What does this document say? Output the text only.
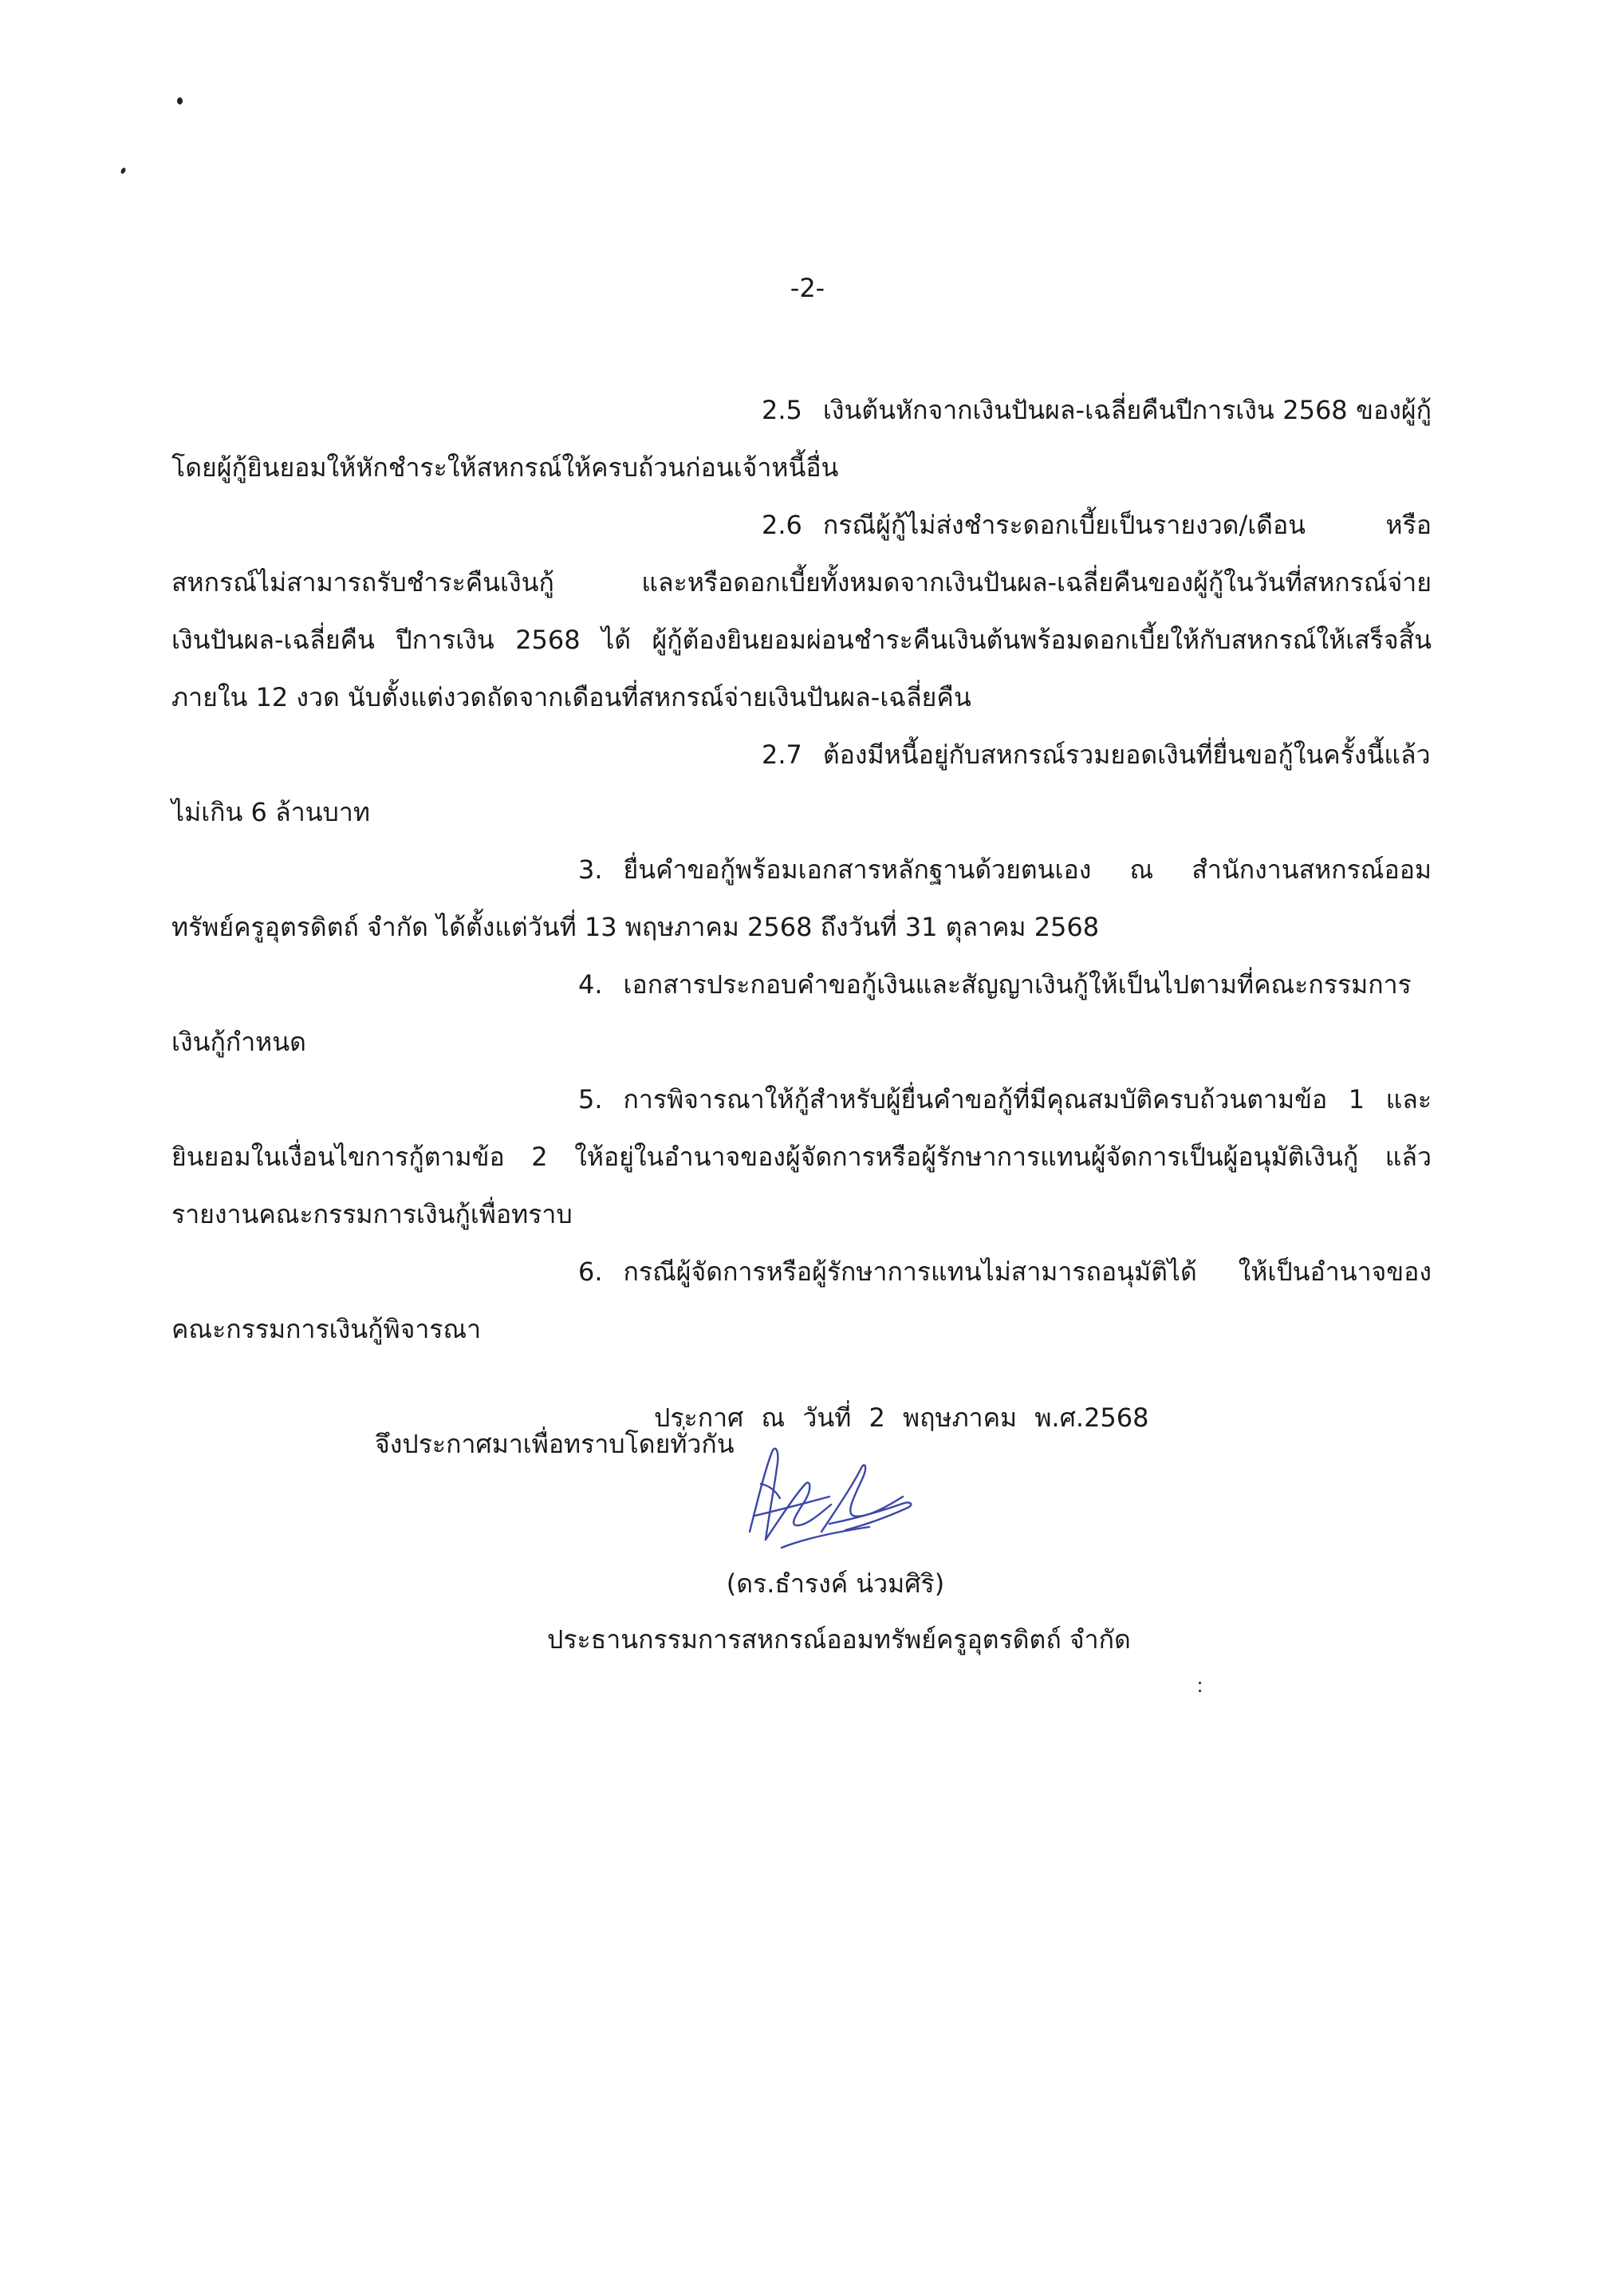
-2-

2.5 เงินต้นหักจากเงินปันผล-เฉลี่ยคืนปีการเงิน 2568 ของผู้กู้ โดยผู้กู้ยินยอมให้หักชำระให้สหกรณ์ให้ครบถ้วนก่อนเจ้าหนี้อื่น

2.6 กรณีผู้กู้ไม่ส่งชำระดอกเบี้ยเป็นรายงวด/เดือน หรือสหกรณ์ไม่สามารถรับชำระคืนเงินกู้ และหรือดอกเบี้ยทั้งหมดจากเงินปันผล-เฉลี่ยคืนของผู้กู้ในวันที่สหกรณ์จ่ายเงินปันผล-เฉลี่ยคืน ปีการเงิน 2568 ได้ ผู้กู้ต้องยินยอมผ่อนชำระคืนเงินต้นพร้อมดอกเบี้ยให้กับสหกรณ์ให้เสร็จสิ้นภายใน 12 งวด นับตั้งแต่งวดถัดจากเดือนที่สหกรณ์จ่ายเงินปันผล-เฉลี่ยคืน

2.7 ต้องมีหนี้อยู่กับสหกรณ์รวมยอดเงินที่ยื่นขอกู้ในครั้งนี้แล้วไม่เกิน 6 ล้านบาท

3. ยื่นคำขอกู้พร้อมเอกสารหลักฐานด้วยตนเอง ณ สำนักงานสหกรณ์ออมทรัพย์ครูอุตรดิตถ์ จำกัด ได้ตั้งแต่วันที่ 13 พฤษภาคม 2568 ถึงวันที่ 31 ตุลาคม 2568

4. เอกสารประกอบคำขอกู้เงินและสัญญาเงินกู้ให้เป็นไปตามที่คณะกรรมการเงินกู้กำหนด

5. การพิจารณาให้กู้สำหรับผู้ยื่นคำขอกู้ที่มีคุณสมบัติครบถ้วนตามข้อ 1 และยินยอมในเงื่อนไขการกู้ตามข้อ 2 ให้อยู่ในอำนาจของผู้จัดการหรือผู้รักษาการแทนผู้จัดการเป็นผู้อนุมัติเงินกู้ แล้วรายงานคณะกรรมการเงินกู้เพื่อทราบ

6. กรณีผู้จัดการหรือผู้รักษาการแทนไม่สามารถอนุมัติได้ ให้เป็นอำนาจของคณะกรรมการเงินกู้พิจารณา

จึงประกาศมาเพื่อทราบโดยทั่วกัน

ประกาศ ณ วันที่ 2 พฤษภาคม พ.ศ.2568
(ดร.ธำรงค์ น่วมศิริ)
ประธานกรรมการสหกรณ์ออมทรัพย์ครูอุตรดิตถ์ จำกัด
